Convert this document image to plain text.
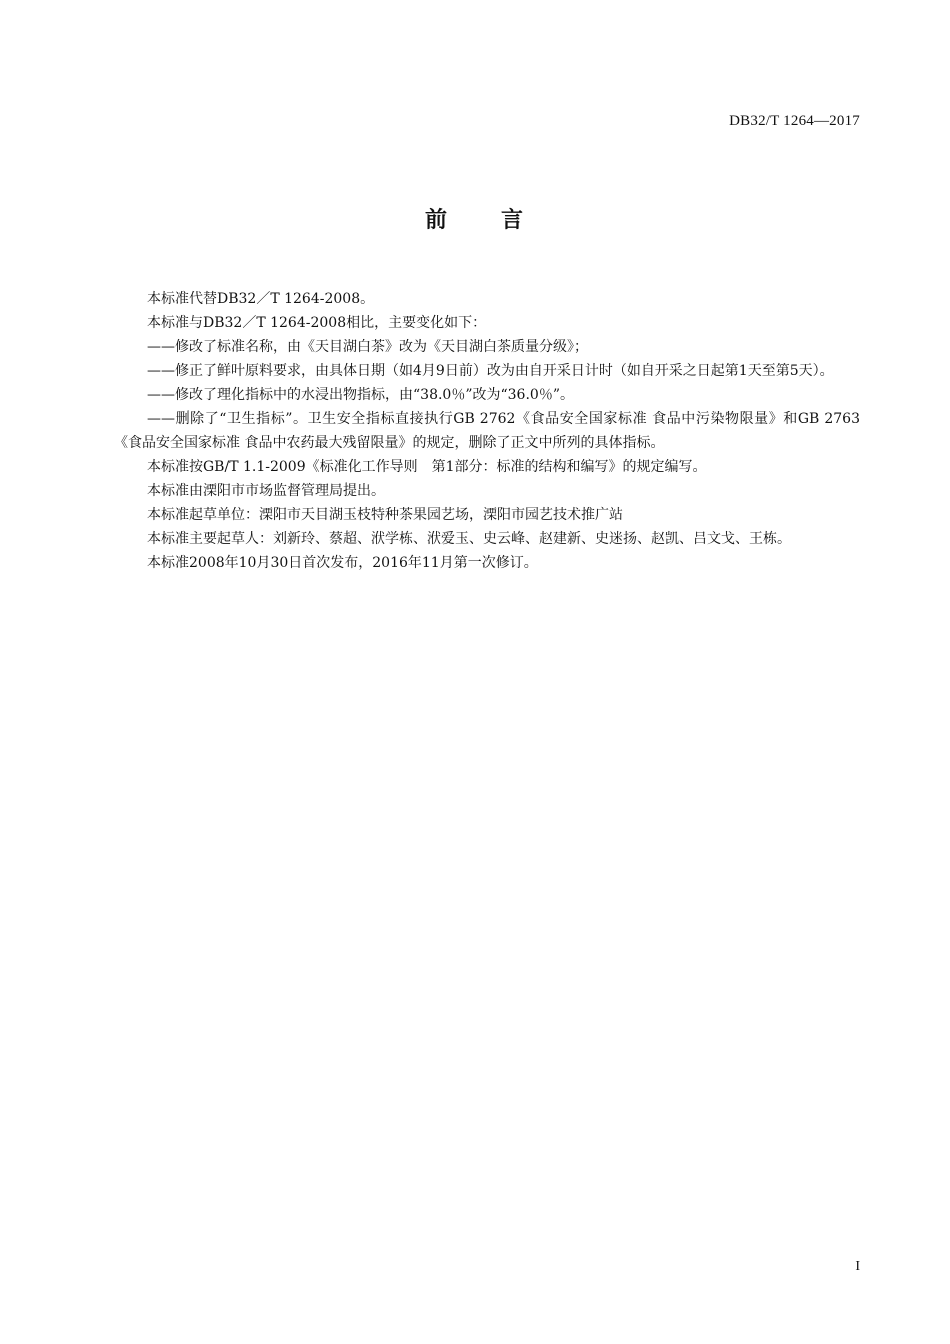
DB32/T 1264—2017
前 言

本标准代替DB32／T 1264-2008。

本标准与DB32／T 1264-2008相比，主要变化如下：

——修改了标准名称，由《天目湖白茶》改为《天目湖白茶质量分级》；

——修正了鲜叶原料要求，由具体日期（如4月9日前）改为由自开采日计时（如自开采之日起第1天至第5天）。

——修改了理化指标中的水浸出物指标，由“38.0％”改为“36.0％”。

——删除了“卫生指标”。卫生安全指标直接执行GB 2762《食品安全国家标准 食品中污染物限量》和GB 2763《食品安全国家标准 食品中农药最大残留限量》的规定，删除了正文中所列的具体指标。

本标准按GB/T 1.1-2009《标准化工作导则　第1部分：标准的结构和编写》的规定编写。

本标准由溧阳市市场监督管理局提出。

本标准起草单位：溧阳市天目湖玉枝特种茶果园艺场，溧阳市园艺技术推广站

本标准主要起草人：刘新玲、蔡超、洑学栋、洑爱玉、史云峰、赵建新、史迷扬、赵凯、吕文戈、王栋。

本标准2008年10月30日首次发布，2016年11月第一次修订。

I
